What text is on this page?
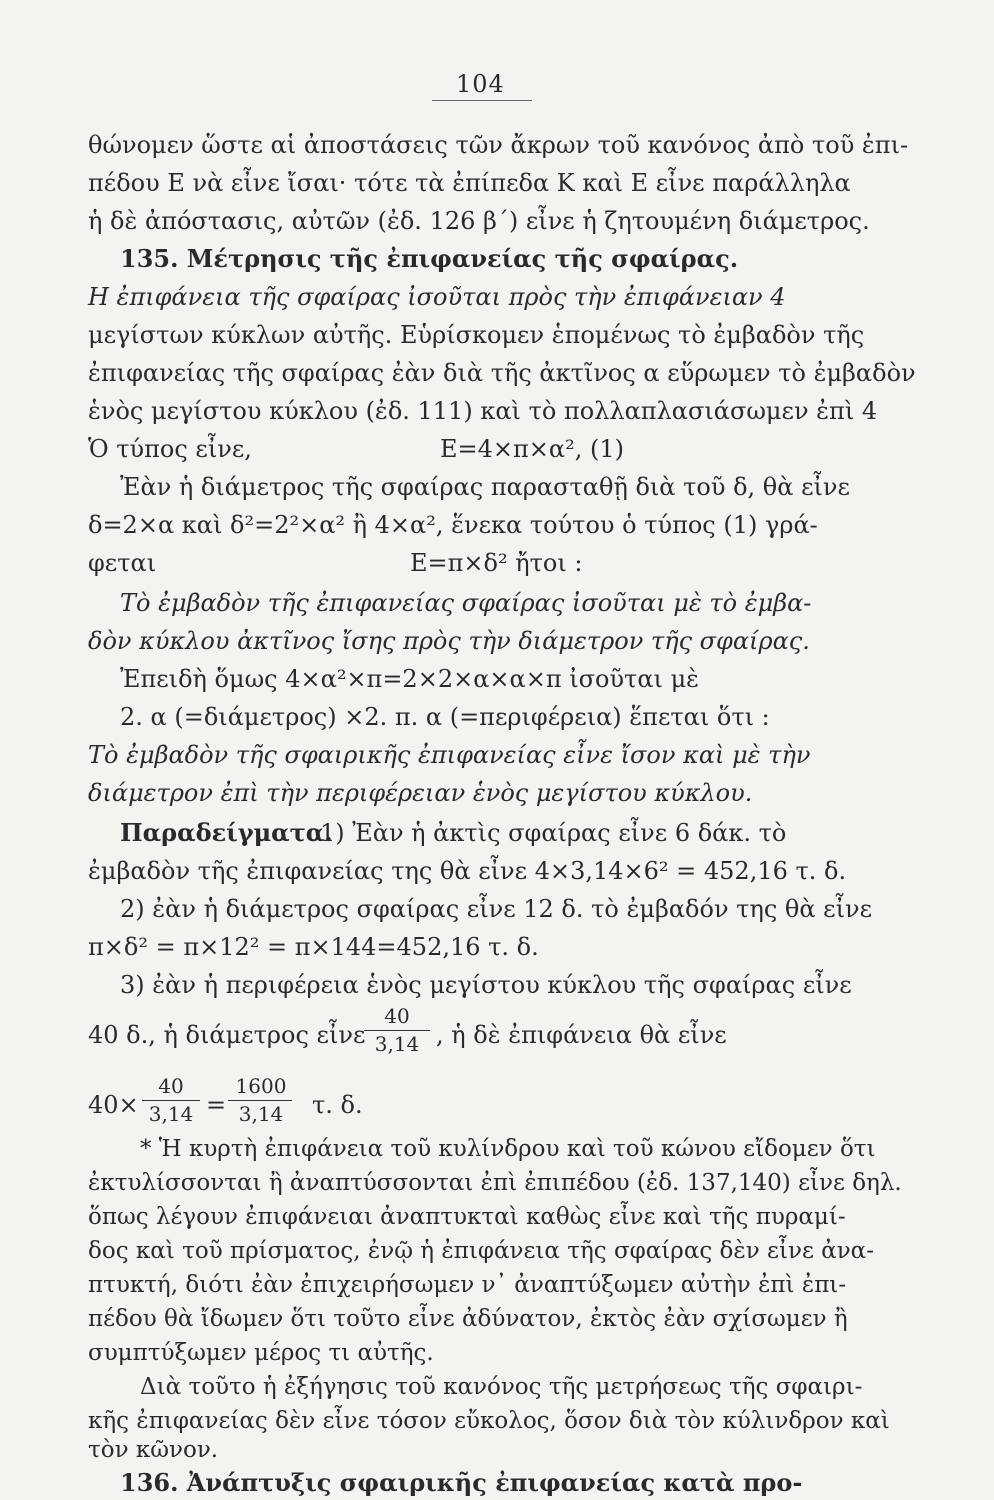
104
θώνομεν ὥστε αἱ ἀποστάσεις τῶν ἄκρων τοῦ κανόνος ἀπὸ τοῦ ἐπι-
πέδου Ε νὰ εἶνε ἴσαι· τότε τὰ ἐπίπεδα Κ καὶ Ε εἶνε παράλληλα
ἡ δὲ ἀπόστασις, αὐτῶν (ἐδ. 126 β΄) εἶνε ἡ ζητουμένη διάμετρος.
135. Μέτρησις τῆς ἐπιφανείας τῆς σφαίρας.
Η ἐπιφάνεια τῆς σφαίρας ἰσοῦται πρὸς τὴν ἐπιφάνειαν 4
μεγίστων κύκλων αὐτῆς. Εὑρίσκομεν ἑπομένως τὸ ἐμβαδὸν τῆς
ἐπιφανείας τῆς σφαίρας ἐὰν διὰ τῆς ἀκτῖνος α εὕρωμεν τὸ ἐμβαδὸν
ἑνὸς μεγίστου κύκλου (ἐδ. 111) καὶ τὸ πολλαπλασιάσωμεν ἐπὶ 4
Ὁ τύπος εἶνε,	Ε=4×π×α², (1)
Ἐὰν ἡ διάμετρος τῆς σφαίρας παρασταθῇ διὰ τοῦ δ, θὰ εἶνε
δ=2×α καὶ δ²=2²×α² ἢ 4×α², ἕνεκα τούτου ὁ τύπος (1) γρά-
φεται	Ε=π×δ² ἤτοι :
Τὸ ἐμβαδὸν τῆς ἐπιφανείας σφαίρας ἰσοῦται μὲ τὸ ἐμβα-
δὸν κύκλου ἀκτῖνος ἴσης πρὸς τὴν διάμετρον τῆς σφαίρας.
Ἐπειδὴ ὅμως 4×α²×π=2×2×α×α×π ἰσοῦται μὲ
2. α (=διάμετρος) ×2. π. α (=περιφέρεια) ἕπεται ὅτι :
Τὸ ἐμβαδὸν τῆς σφαιρικῆς ἐπιφανείας εἶνε ἴσον καὶ μὲ τὴν
διάμετρον ἐπὶ τὴν περιφέρειαν ἑνὸς μεγίστου κύκλου.
Παραδείγματα.
1) Ἐὰν ἡ ἀκτὶς σφαίρας εἶνε 6 δάκ. τὸ
ἐμβαδὸν τῆς ἐπιφανείας της θὰ εἶνε 4×3,14×6² = 452,16 τ. δ.
2) ἐὰν ἡ διάμετρος σφαίρας εἶνε 12 δ. τὸ ἐμβαδόν της θὰ εἶνε
π×δ² = π×12² = π×144=452,16 τ. δ.
3) ἐὰν ἡ περιφέρεια ἑνὸς μεγίστου κύκλου τῆς σφαίρας εἶνε
40 δ., ἡ διάμετρος εἶνε
40
3,14 , ἡ δὲ ἐπιφάνεια θὰ εἶνε
40×
40
3,14 =
1600
3,14	τ. δ.
* Ἡ κυρτὴ ἐπιφάνεια τοῦ κυλίνδρου καὶ τοῦ κώνου εἴδομεν ὅτι
ἐκτυλίσσονται ἢ ἀναπτύσσονται ἐπὶ ἐπιπέδου (ἐδ. 137,140) εἶνε δηλ.
ὅπως λέγουν ἐπιφάνειαι ἀναπτυκταὶ καθὼς εἶνε καὶ τῆς πυραμί-
δος καὶ τοῦ πρίσματος, ἐνῷ ἡ ἐπιφάνεια τῆς σφαίρας δὲν εἶνε ἀνα-
πτυκτή, διότι ἐὰν ἐπιχειρήσωμεν ν᾿ ἀναπτύξωμεν αὐτὴν ἐπὶ ἐπι-
πέδου θὰ ἴδωμεν ὅτι τοῦτο εἶνε ἀδύνατον, ἐκτὸς ἐὰν σχίσωμεν ἢ
συμπτύξωμεν μέρος τι αὐτῆς.
Διὰ τοῦτο ἡ ἐξήγησις τοῦ κανόνος τῆς μετρήσεως τῆς σφαιρι-
κῆς ἐπιφανείας δὲν εἶνε τόσον εὔκολος, ὅσον διὰ τὸν κύλινδρον καὶ
τὸν κῶνον.
136. Ἀνάπτυξις σφαιρικῆς ἐπιφανείας κατὰ προ-
